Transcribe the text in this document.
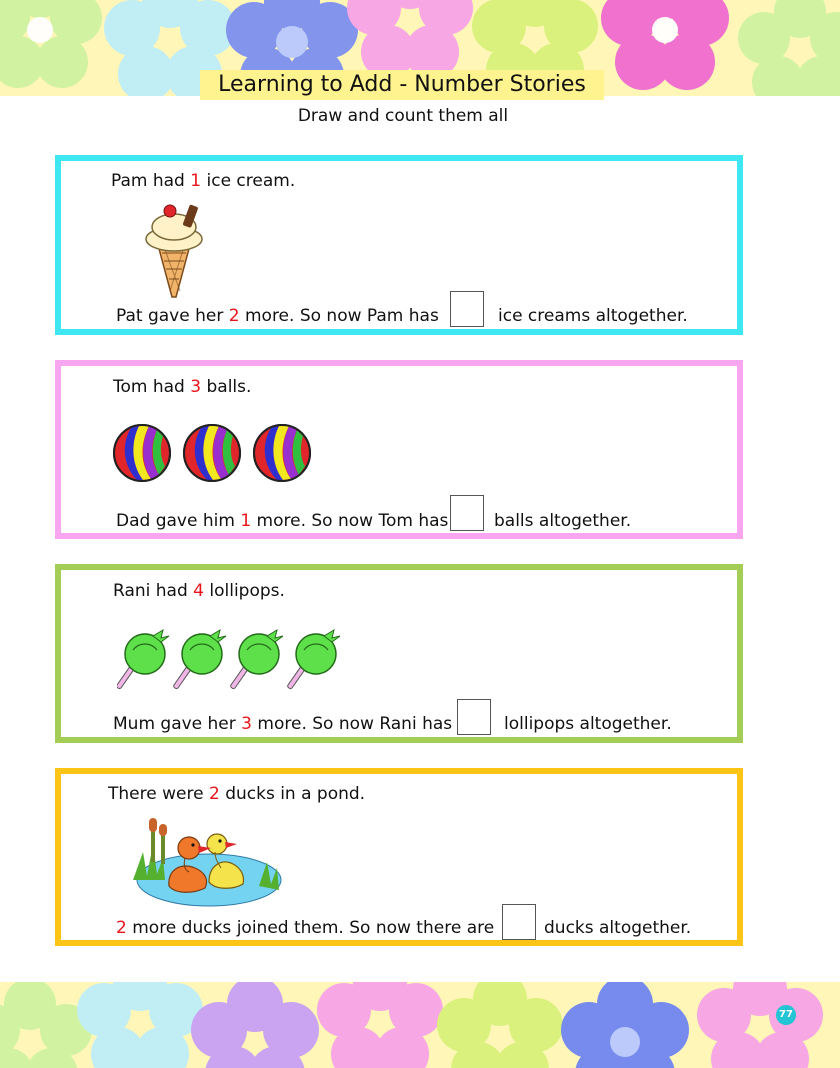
Learning to Add - Number Stories
Draw and count them all
Pam had 1 ice cream.
Pat gave her 2 more. So now Pam has	ice creams altogether.
Tom had 3 balls.
Dad gave him 1 more. So now Tom has	balls altogether.
Rani had 4 lollipops.
Mum gave her 3 more. So now Rani has	lollipops altogether.
There were 2 ducks in a pond.
2 more ducks joined them. So now there are	ducks altogether.
77
